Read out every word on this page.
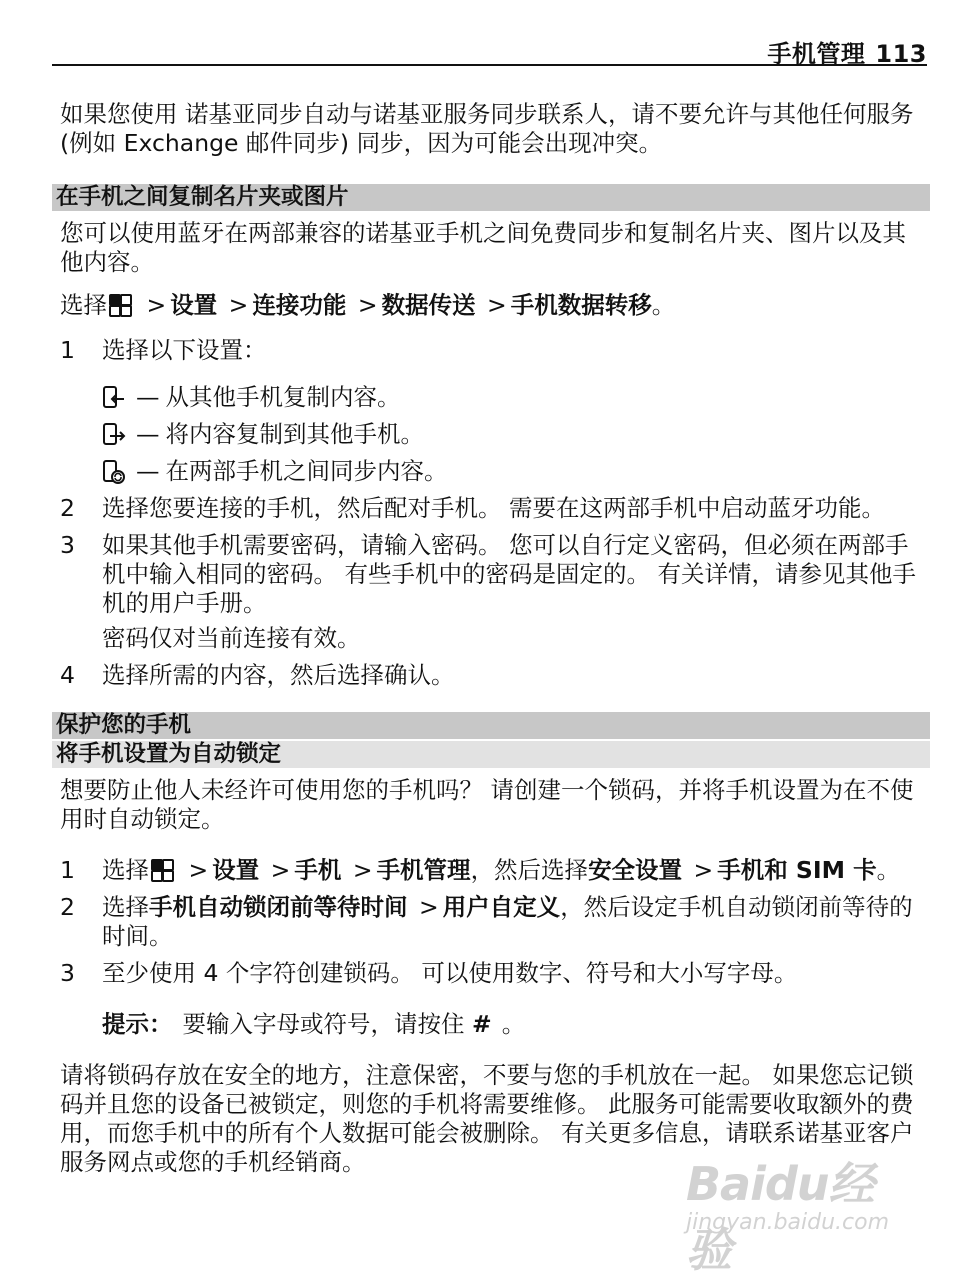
手机管理 113

如果您使用 诺基亚同步自动与诺基亚服务同步联系人，请不要允许与其他任何服务 (例如 Exchange 邮件同步) 同步，因为可能会出现冲突。

在手机之间复制名片夹或图片

您可以使用蓝牙在两部兼容的诺基亚手机之间免费同步和复制名片夹、图片以及其他内容。

选择 > 设置 > 连接功能 > 数据传送 > 手机数据转移。

1 选择以下设置：
— 从其他手机复制内容。
— 将内容复制到其他手机。
— 在两部手机之间同步内容。
2 选择您要连接的手机，然后配对手机。 需要在这两部手机中启动蓝牙功能。
3 如果其他手机需要密码，请输入密码。 您可以自行定义密码，但必须在两部手机中输入相同的密码。 有些手机中的密码是固定的。 有关详情，请参见其他手机的用户手册。
密码仅对当前连接有效。
4 选择所需的内容，然后选择确认。
保护您的手机
将手机设置为自动锁定

想要防止他人未经许可使用您的手机吗？ 请创建一个锁码，并将手机设置为在不使用时自动锁定。

1 选择 > 设置 > 手机 > 手机管理，然后选择安全设置 > 手机和 SIM 卡。
2 选择手机自动锁闭前等待时间 > 用户自定义，然后设定手机自动锁闭前等待的时间。
3 至少使用 4 个字符创建锁码。 可以使用数字、符号和大小写字母。

提示： 要输入字母或符号，请按住 # 。

请将锁码存放在安全的地方，注意保密，不要与您的手机放在一起。 如果您忘记锁码并且您的设备已被锁定，则您的手机将需要维修。 此服务可能需要收取额外的费用，而您手机中的所有个人数据可能会被删除。 有关更多信息，请联系诺基亚客户服务网点或您的手机经销商。	Baidu经验
jingyan.baidu.com
